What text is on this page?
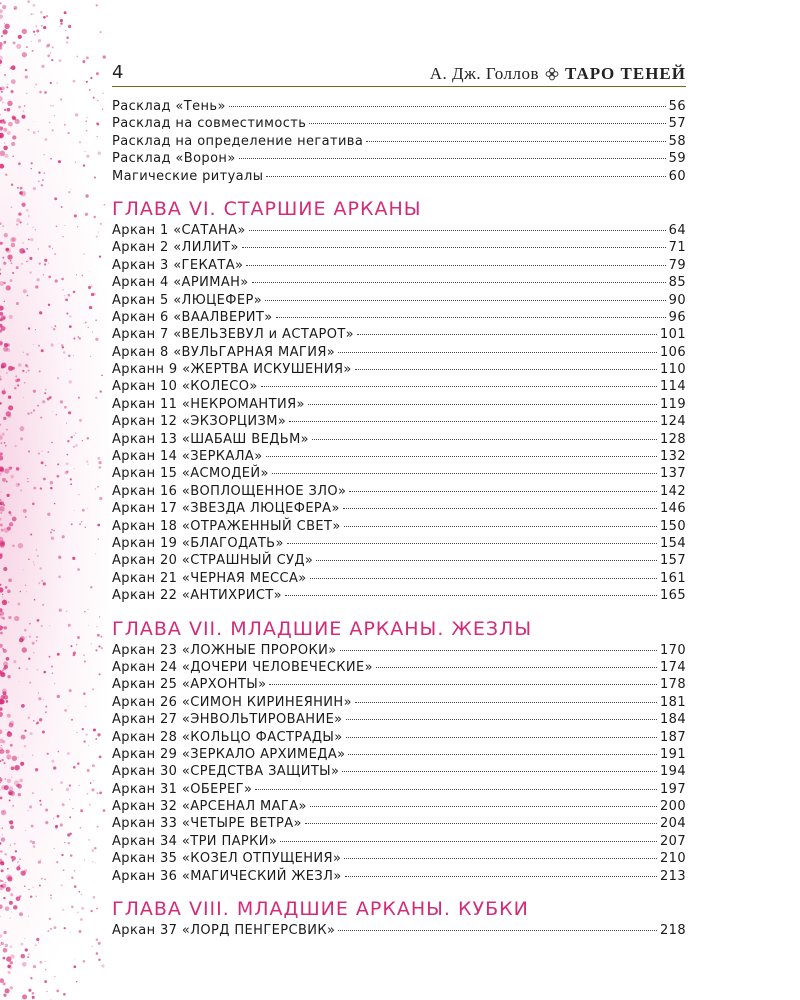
4	А. Дж. Голлов ТАРО ТЕНЕЙ
Расклад «Тень»	56
Расклад на совместимость	57
Расклад на определение негатива	58
Расклад «Ворон»	59
Магические ритуалы	60
ГЛАВА VI. СТАРШИЕ АРКАНЫ
Аркан 1 «САТАНА»	64
Аркан 2 «ЛИЛИТ»	71
Аркан 3 «ГЕКАТА»	79
Аркан 4 «АРИМАН»	85
Аркан 5 «ЛЮЦЕФЕР»	90
Аркан 6 «ВААЛВЕРИТ»	96
Аркан 7 «ВЕЛЬЗЕВУЛ и АСТАРОТ»	101
Аркан 8 «ВУЛЬГАРНАЯ МАГИЯ»	106
Арканн 9 «ЖЕРТВА ИСКУШЕНИЯ»	110
Аркан 10 «КОЛЕСО»	114
Аркан 11 «НЕКРОМАНТИЯ»	119
Аркан 12 «ЭКЗОРЦИЗМ»	124
Аркан 13 «ШАБАШ ВЕДЬМ»	128
Аркан 14 «ЗЕРКАЛА»	132
Аркан 15 «АСМОДЕЙ»	137
Аркан 16 «ВОПЛОЩЕННОЕ ЗЛО»	142
Аркан 17 «ЗВЕЗДА ЛЮЦЕФЕРА»	146
Аркан 18 «ОТРАЖЕННЫЙ СВЕТ»	150
Аркан 19 «БЛАГОДАТЬ»	154
Аркан 20 «СТРАШНЫЙ СУД»	157
Аркан 21 «ЧЕРНАЯ МЕССА»	161
Аркан 22 «АНТИХРИСТ»	165
ГЛАВА VII. МЛАДШИЕ АРКАНЫ. ЖЕЗЛЫ
Аркан 23 «ЛОЖНЫЕ ПРОРОКИ»	170
Аркан 24 «ДОЧЕРИ ЧЕЛОВЕЧЕСКИЕ»	174
Аркан 25 «АРХОНТЫ»	178
Аркан 26 «СИМОН КИРИНЕЯНИН»	181
Аркан 27 «ЭНВОЛЬТИРОВАНИЕ»	184
Аркан 28 «КОЛЬЦО ФАСТРАДЫ»	187
Аркан 29 «ЗЕРКАЛО АРХИМЕДА»	191
Аркан 30 «СРЕДСТВА ЗАЩИТЫ»	194
Аркан 31 «ОБЕРЕГ»	197
Аркан 32 «АРСЕНАЛ МАГА»	200
Аркан 33 «ЧЕТЫРЕ ВЕТРА»	204
Аркан 34 «ТРИ ПАРКИ»	207
Аркан 35 «КОЗЕЛ ОТПУЩЕНИЯ»	210
Аркан 36 «МАГИЧЕСКИЙ ЖЕЗЛ»	213
ГЛАВА VIII. МЛАДШИЕ АРКАНЫ. КУБКИ
Аркан 37 «ЛОРД ПЕНГЕРСВИК»	218
